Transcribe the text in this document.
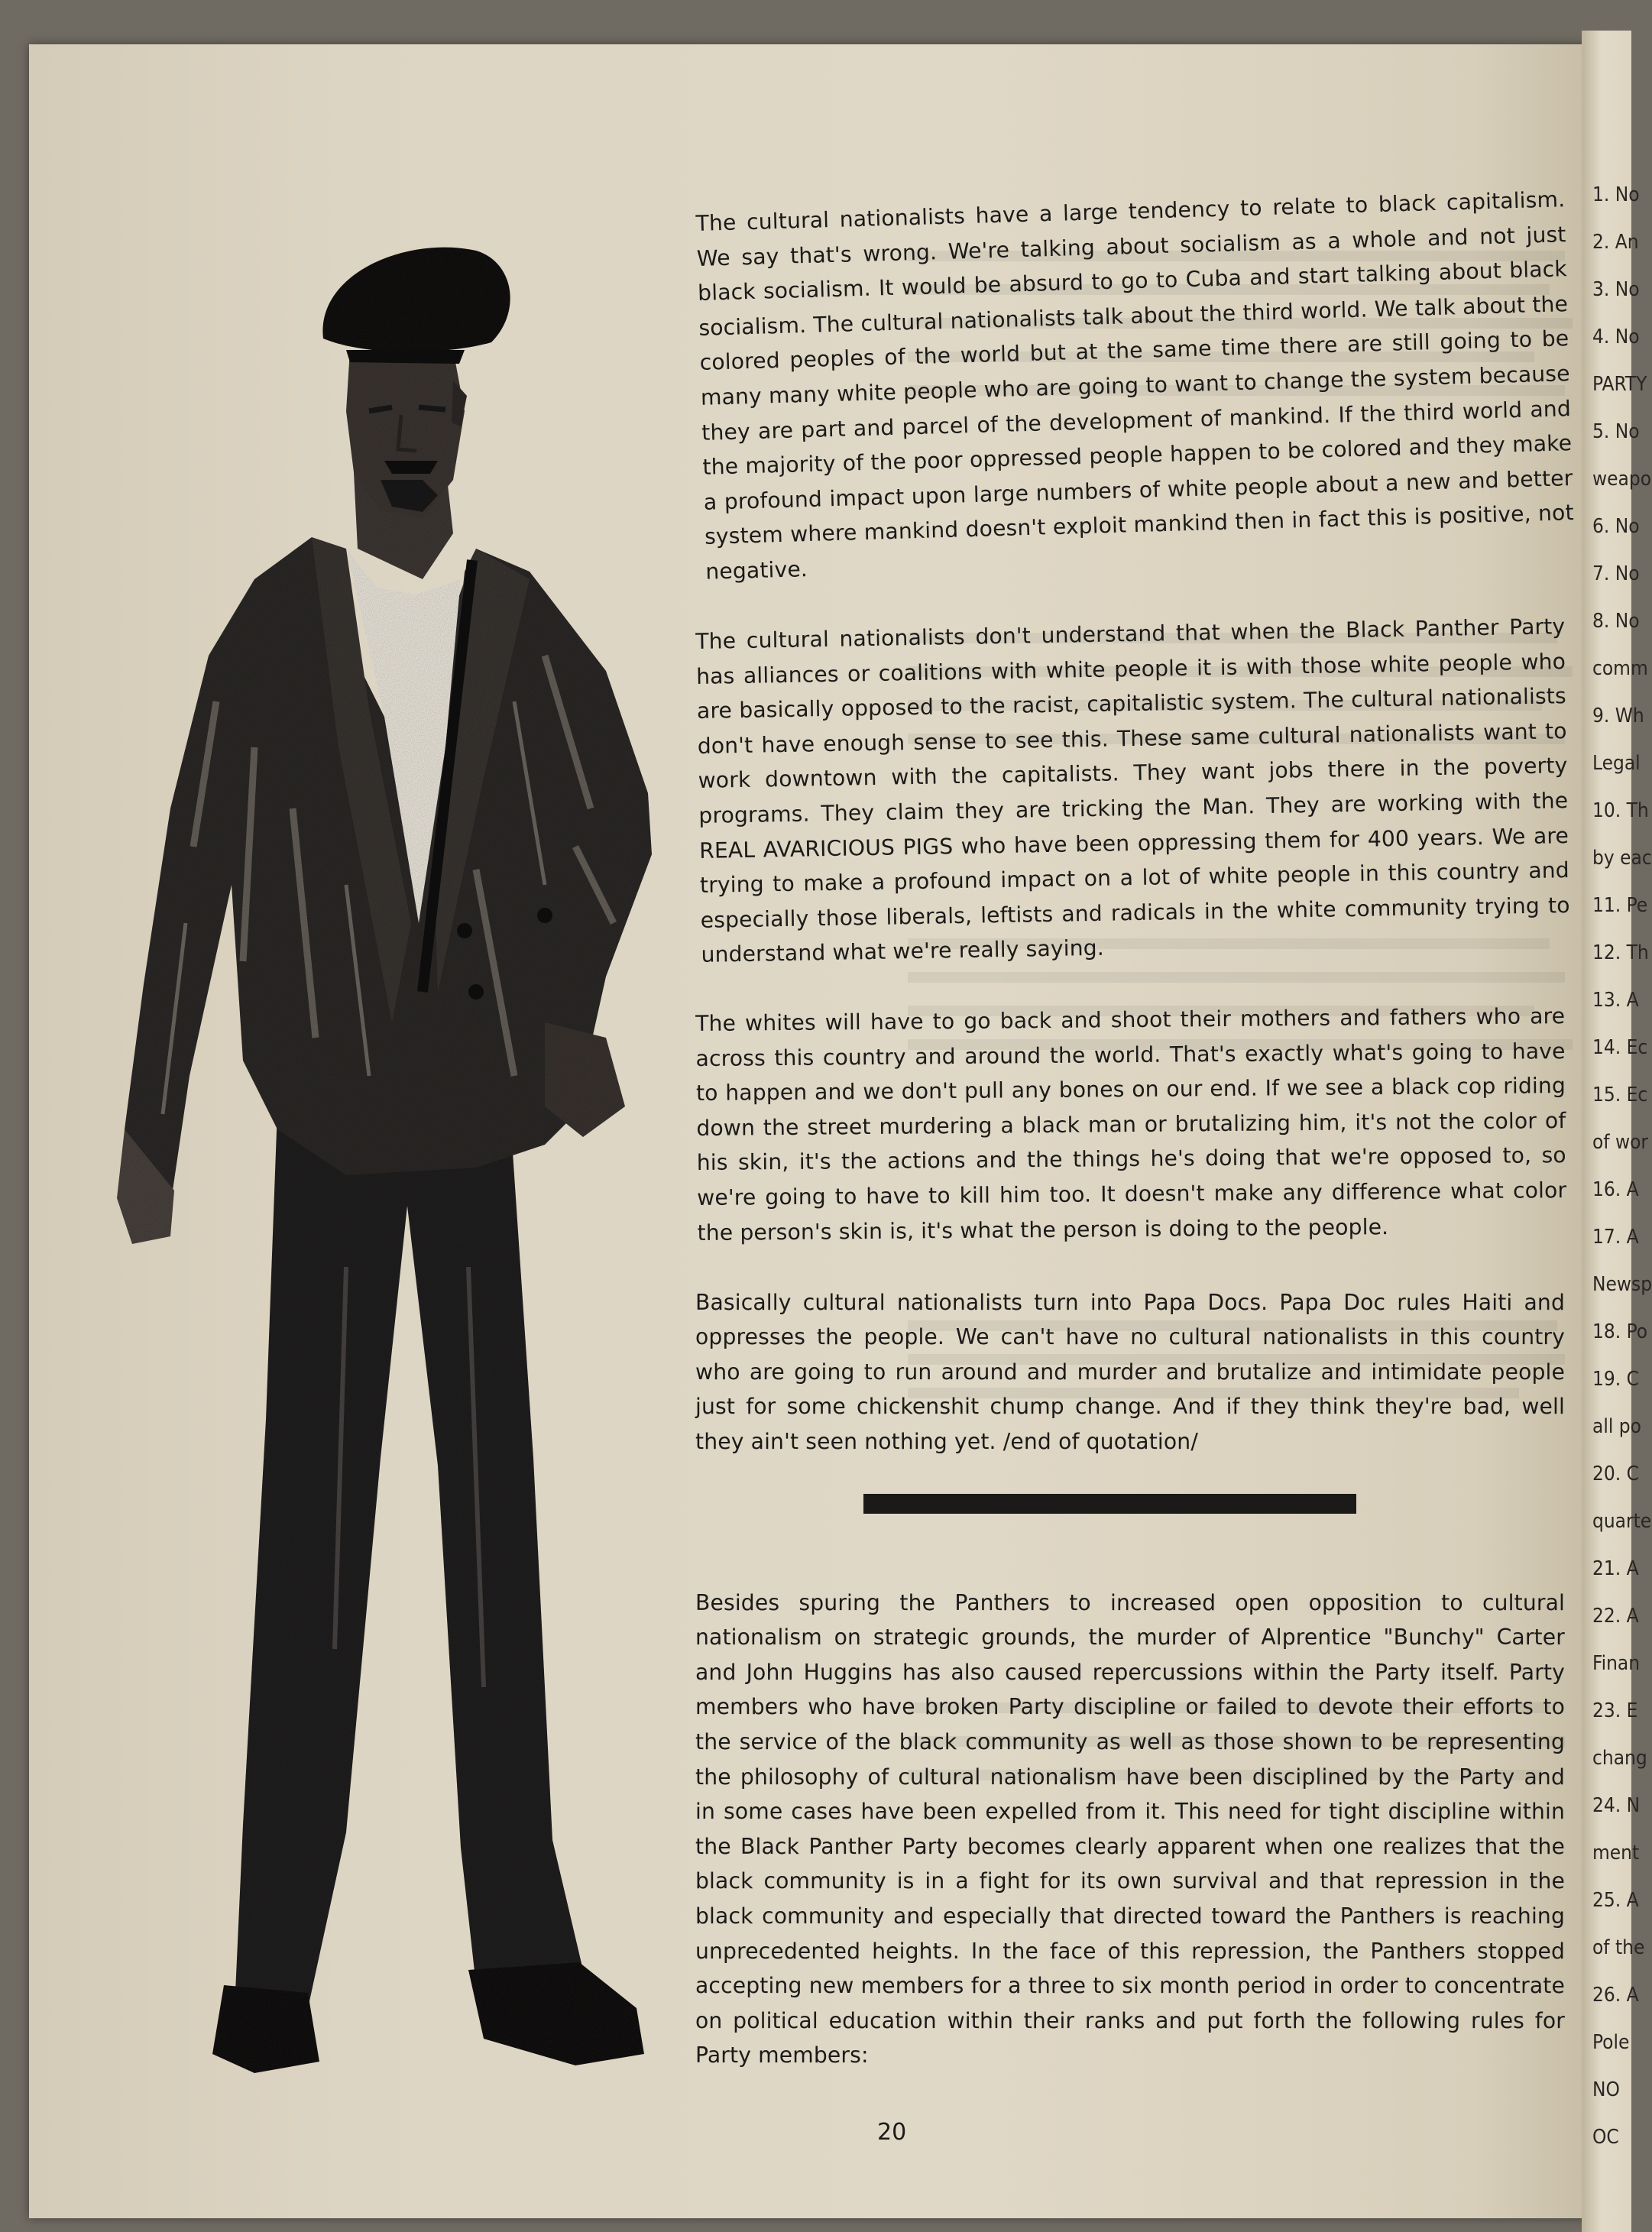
The cultural nationalists have a large tendency to relate to black capitalism. We say that's wrong. We're talking about socialism as a whole and not just black socialism. It would be absurd to go to Cuba and start talking about black socialism. The cultural nationalists talk about the third world. We talk about the colored peoples of the world but at the same time there are still going to be many many white people who are going to want to change the system because they are part and parcel of the development of mankind. If the third world and the majority of the poor oppressed people happen to be colored and they make a profound impact upon large numbers of white people about a new and better system where mankind doesn't exploit mankind then in fact this is positive, not negative.

The cultural nationalists don't understand that when the Black Panther Party has alliances or coalitions with white people it is with those white people who are basically opposed to the racist, capitalistic system. The cultural nationalists don't have enough sense to see this. These same cultural nationalists want to work downtown with the capitalists. They want jobs there in the poverty programs. They claim they are tricking the Man. They are working with the REAL AVARICIOUS PIGS who have been oppressing them for 400 years. We are trying to make a profound impact on a lot of white people in this country and especially those liberals, leftists and radicals in the white community trying to understand what we're really saying.

The whites will have to go back and shoot their mothers and fathers who are across this country and around the world. That's exactly what's going to have to happen and we don't pull any bones on our end. If we see a black cop riding down the street murdering a black man or brutalizing him, it's not the color of his skin, it's the actions and the things he's doing that we're opposed to, so we're going to have to kill him too. It doesn't make any difference what color the person's skin is, it's what the person is doing to the people.

Basically cultural nationalists turn into Papa Docs. Papa Doc rules Haiti and oppresses the people. We can't have no cultural nationalists in this country who are going to run around and murder and brutalize and intimidate people just for some chickenshit chump change. And if they think they're bad, well they ain't seen nothing yet. /end of quotation/

Besides spuring the Panthers to increased open opposition to cultural nationalism on strategic grounds, the murder of Alprentice "Bunchy" Carter and John Huggins has also caused repercussions within the Party itself. Party members who have broken Party discipline or failed to devote their efforts to the service of the black community as well as those shown to be representing the philosophy of cultural nationalism have been disciplined by the Party and in some cases have been expelled from it. This need for tight discipline within the Black Panther Party becomes clearly apparent when one realizes that the black community is in a fight for its own survival and that repression in the black community and especially that directed toward the Panthers is reaching unprecedented heights. In the face of this repression, the Panthers stopped accepting new members for a three to six month period in order to concentrate on political education within their ranks and put forth the following rules for Party members:

20
1. No
2. An
3. No
4. No
PARTY
5. No
weapo
6. No
7. No
8. No
comm
9. Wh
Legal
10. Th
by eac
11. Pe
12. Th
13. A
14. Ec
15. Ec
of wor
16. A
17. A
Newsp
18. Po
19. C
all po
20. C
quarte
21. A
22. A
Finan
23. E
chang
24. N
ment
25. A
of the
26. A
Pole
NO
OC
